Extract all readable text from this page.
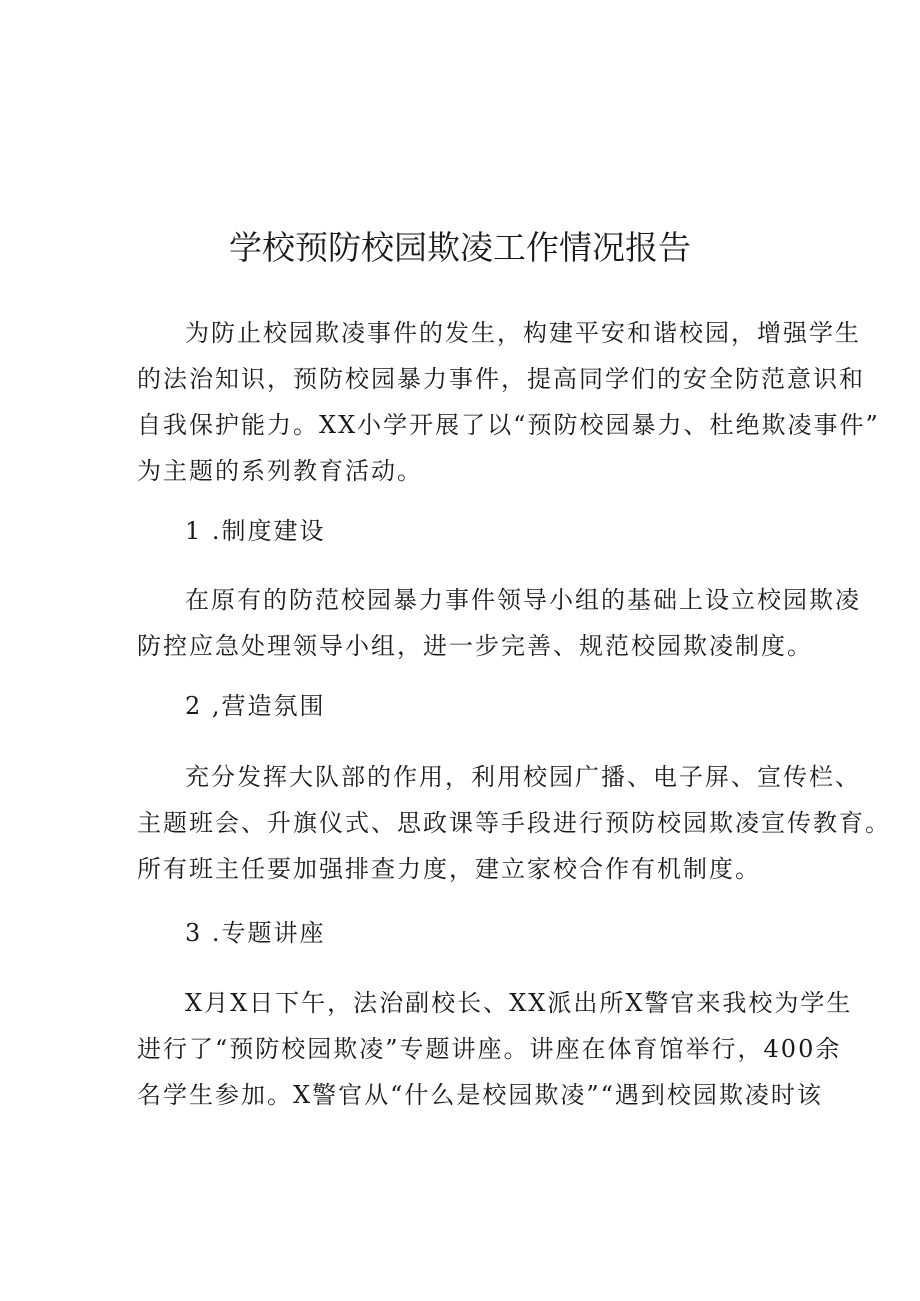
学校预防校园欺凌工作情况报告

为防止校园欺凌事件的发生，构建平安和谐校园，增强学生
的法治知识，预防校园暴力事件，提高同学们的安全防范意识和
自我保护能力。XX小学开展了以“预防校园暴力、杜绝欺凌事件”
为主题的系列教育活动。

1 .制度建设

在原有的防范校园暴力事件领导小组的基础上设立校园欺凌
防控应急处理领导小组，进一步完善、规范校园欺凌制度。

2 ,营造氛围

充分发挥大队部的作用，利用校园广播、电子屏、宣传栏、
主题班会、升旗仪式、思政课等手段进行预防校园欺凌宣传教育。
所有班主任要加强排查力度，建立家校合作有机制度。

3 .专题讲座

X月X日下午，法治副校长、XX派出所X警官来我校为学生
进行了“预防校园欺凌”专题讲座。讲座在体育馆举行，400余
名学生参加。X警官从“什么是校园欺凌”“遇到校园欺凌时该
